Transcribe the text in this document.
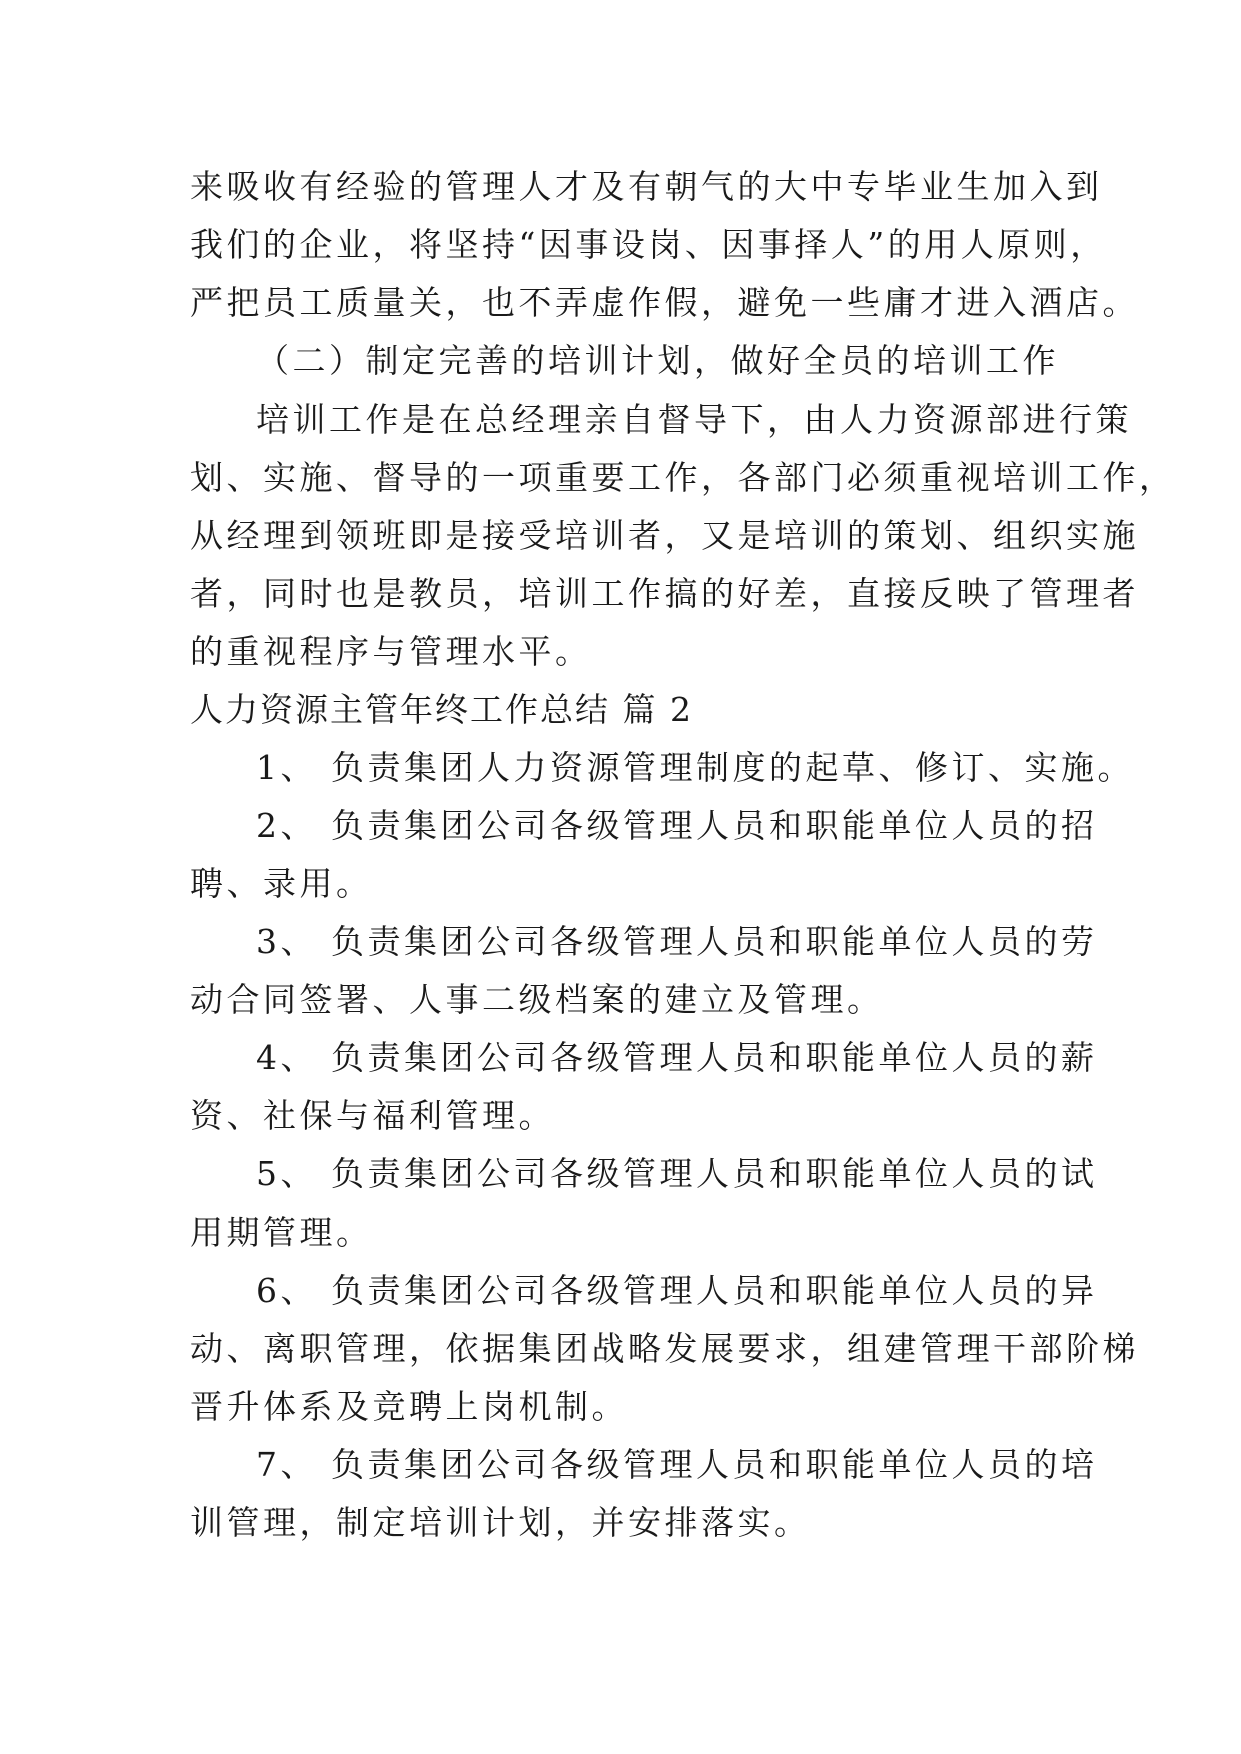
来吸收有经验的管理人才及有朝气的大中专毕业生加入到
我们的企业，将坚持“因事设岗、因事择人”的用人原则，
严把员工质量关，也不弄虚作假，避免一些庸才进入酒店。
（二）制定完善的培训计划，做好全员的培训工作
培训工作是在总经理亲自督导下，由人力资源部进行策
划、实施、督导的一项重要工作，各部门必须重视培训工作，
从经理到领班即是接受培训者，又是培训的策划、组织实施
者，同时也是教员，培训工作搞的好差，直接反映了管理者
的重视程序与管理水平。
人力资源主管年终工作总结 篇 2
1、 负责集团人力资源管理制度的起草、修订、实施。
2、 负责集团公司各级管理人员和职能单位人员的招
聘、录用。
3、 负责集团公司各级管理人员和职能单位人员的劳
动合同签署、人事二级档案的建立及管理。
4、 负责集团公司各级管理人员和职能单位人员的薪
资、社保与福利管理。
5、 负责集团公司各级管理人员和职能单位人员的试
用期管理。
6、 负责集团公司各级管理人员和职能单位人员的异
动、离职管理，依据集团战略发展要求，组建管理干部阶梯
晋升体系及竞聘上岗机制。
7、 负责集团公司各级管理人员和职能单位人员的培
训管理，制定培训计划，并安排落实。
